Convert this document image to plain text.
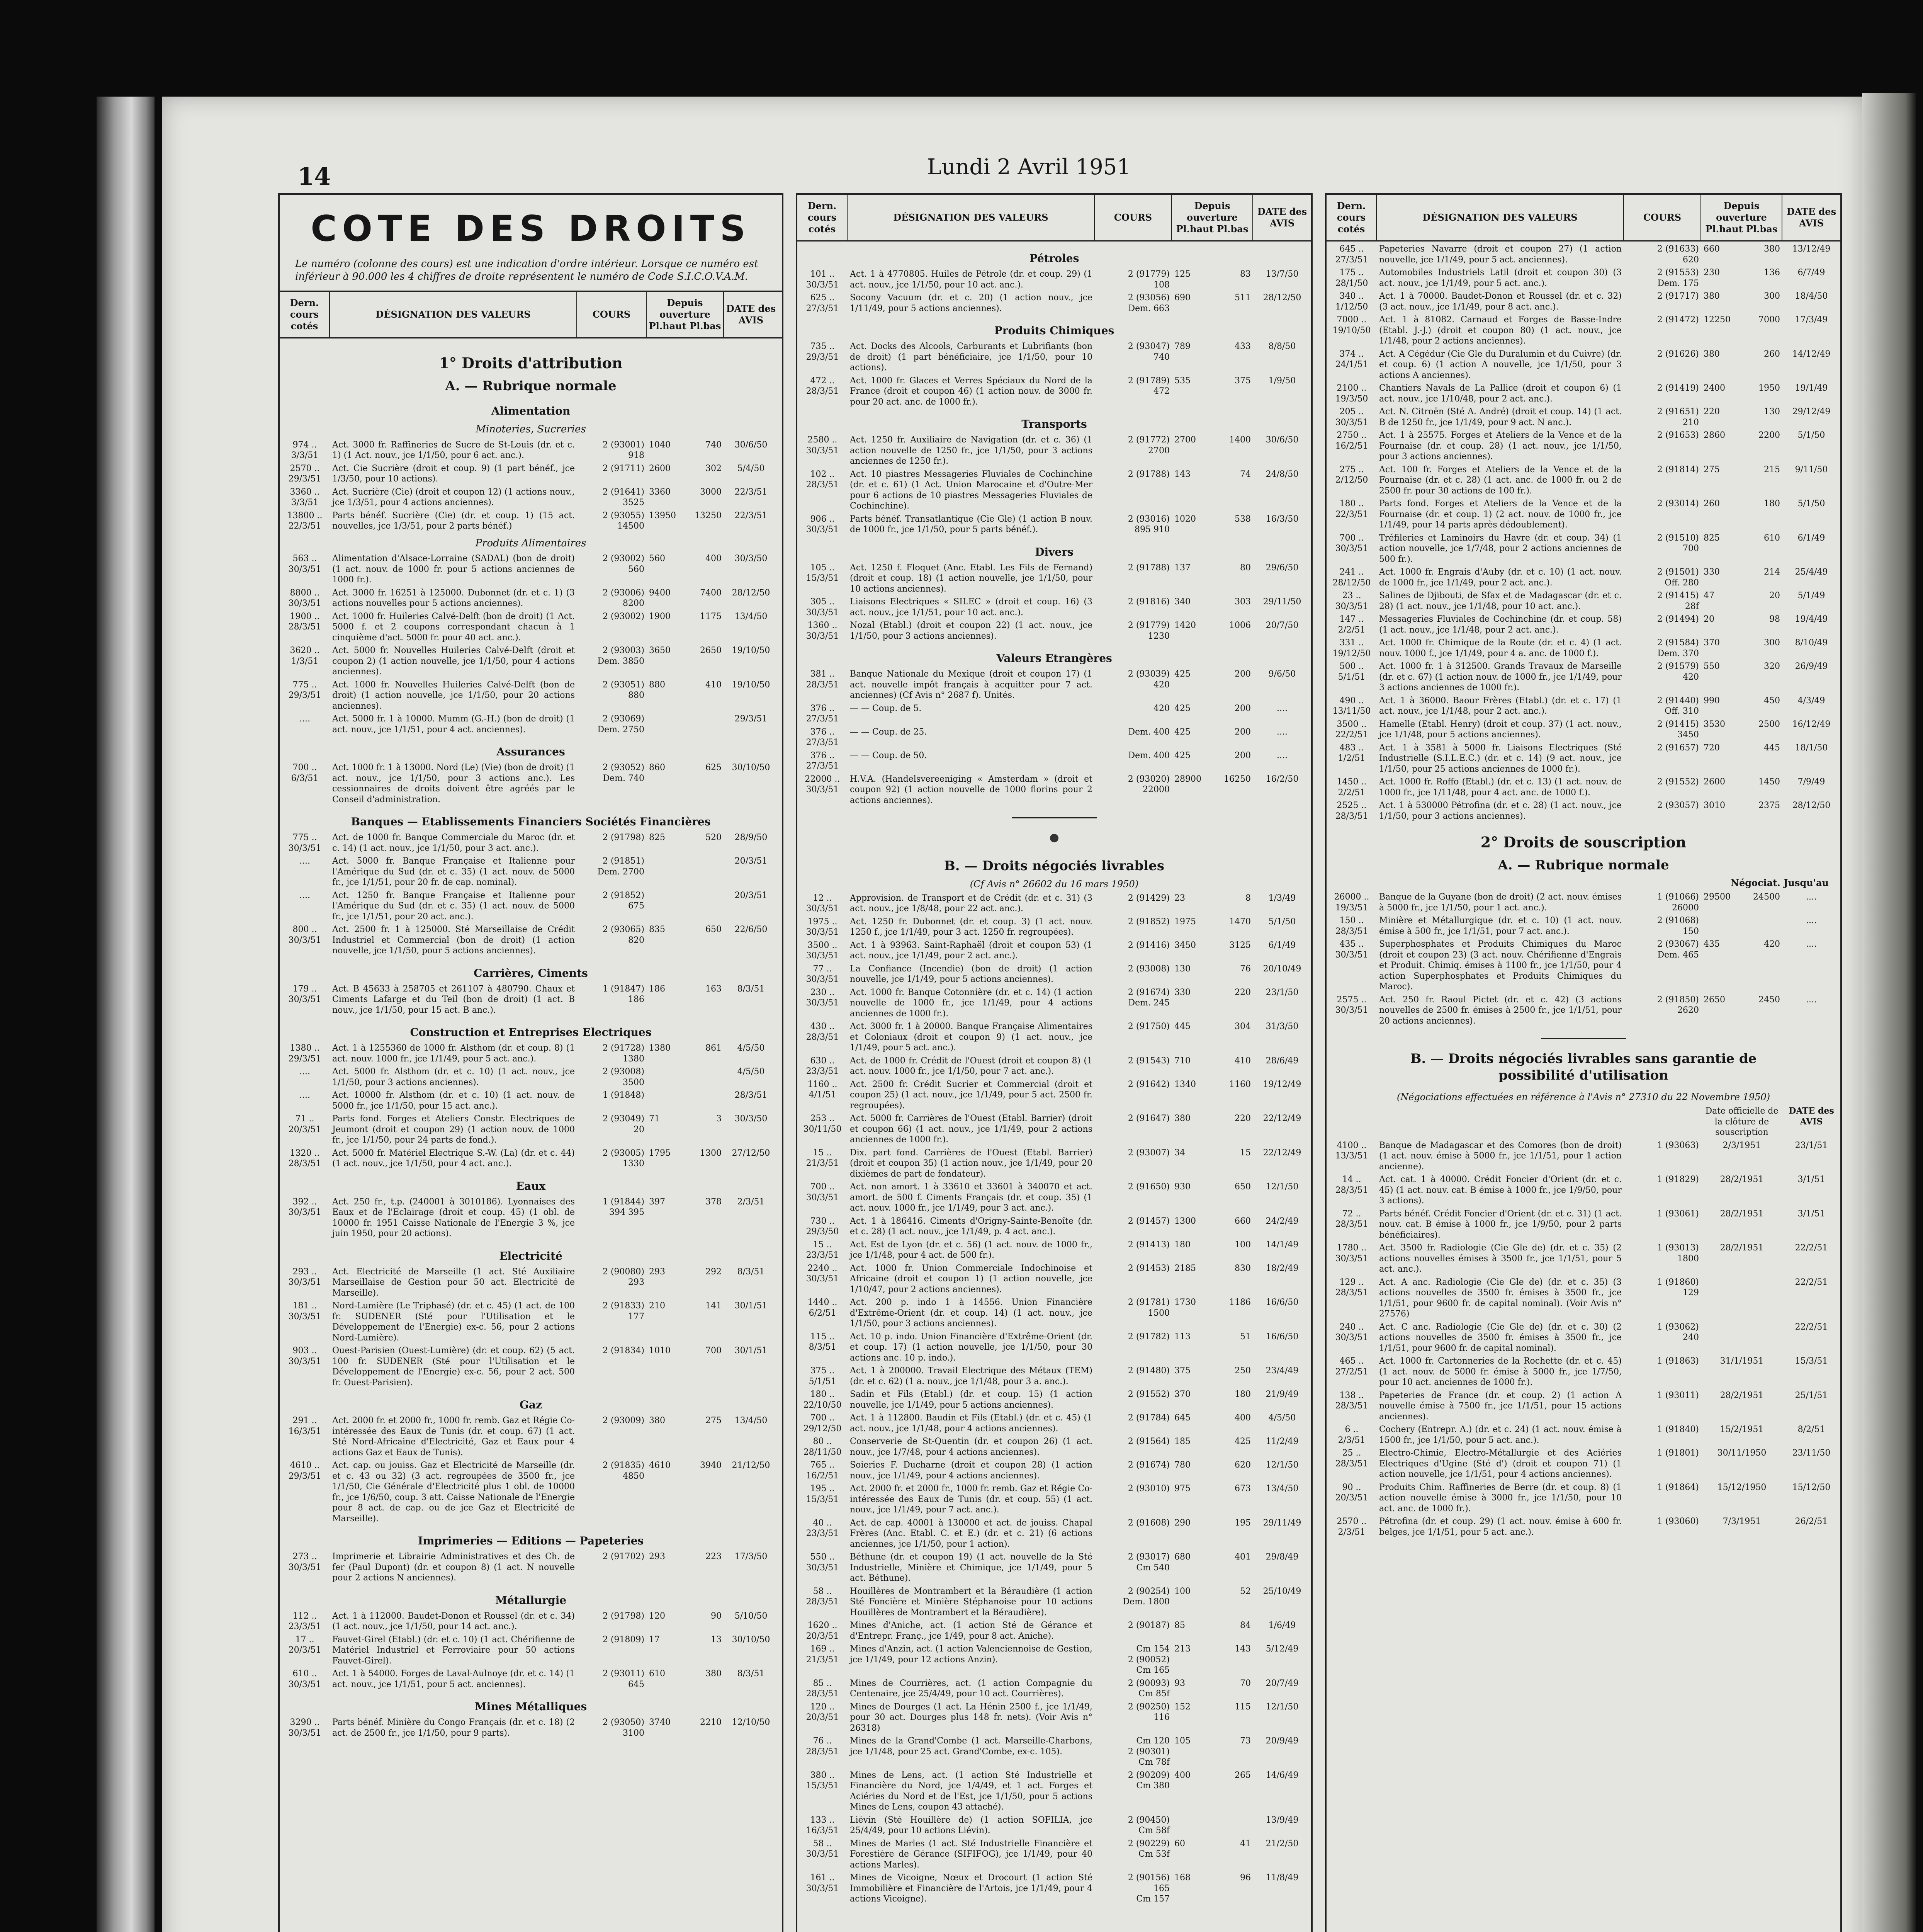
14	Lundi 2 Avril 1951
COTE DES DROITS
Le numéro (colonne des cours) est une indication d'ordre intérieur. Lorsque ce numéro est inférieur à 90.000 les 4 chiffres de droite représentent le numéro de Code S.I.C.O.V.A.M.
Dern. cours cotés
DÉSIGNATION DES VALEURS	COURS
Depuis ouverture Pl.haut Pl.bas
DATE des AVIS
1° Droits d'attribution
A. — Rubrique normale
Alimentation
Minoteries, Sucreries
974 ..
3/3/51
Act. 3000 fr. Raffineries de Sucre de St-Louis (dr. et c. 1) (1 Act. nouv., jce 1/1/50, pour 6 act. anc.).
2 (93001)
918
1040	740	30/6/50
2570 ..
29/3/51
Act. Cie Sucrière (droit et coup. 9) (1 part bénéf., jce 1/3/50, pour 10 actions).
2 (91711) 2600	302	5/4/50
3360 ..
3/3/51
Act. Sucrière (Cie) (droit et coupon 12) (1 actions nouv., jce 1/3/51, pour 4 actions anciennes).
2 (91641)
3525
3360	3000	22/3/51
13800 ..
22/3/51
Parts bénéf. Sucrière (Cie) (dr. et coup. 1) (15 act. nouvelles, jce 1/3/51, pour 2 parts bénéf.)
2 (93055)
14500
13950 13250	22/3/51
Produits Alimentaires
563 ..
30/3/51
Alimentation d'Alsace-Lorraine (SADAL) (bon de droit) (1 act. nouv. de 1000 fr. pour 5 actions anciennes de 1000 fr.).
2 (93002)
560
560	400	30/3/50
8800 ..
30/3/51
Act. 3000 fr. 16251 à 125000. Dubonnet (dr. et c. 1) (3 actions nouvelles pour 5 actions anciennes).
2 (93006)
8200
9400	7400	28/12/50
1900 ..
28/3/51
Act. 1000 fr. Huileries Calvé-Delft (bon de droit) (1 Act. 5000 f. et 2 coupons correspondant chacun à 1 cinquième d'act. 5000 fr. pour 40 act. anc.).
2 (93002) 1900	1175	13/4/50
3620 ..
1/3/51
Act. 5000 fr. Nouvelles Huileries Calvé-Delft (droit et coupon 2) (1 action nouvelle, jce 1/1/50, pour 4 actions anciennes).
2 (93003)
Dem. 3850
3650	2650	19/10/50
775 ..
29/3/51
Act. 1000 fr. Nouvelles Huileries Calvé-Delft (bon de droit) (1 action nouvelle, jce 1/1/50, pour 20 actions anciennes).
2 (93051)
880
880	410	19/10/50
....	Act. 5000 fr. 1 à 10000. Mumm (G.-H.) (bon de droit) (1 act. nouv., jce 1/1/51, pour 4 act. anciennes).
2 (93069)
Dem. 2750
29/3/51
Assurances
700 ..
6/3/51
Act. 1000 fr. 1 à 13000. Nord (Le) (Vie) (bon de droit) (1 act. nouv., jce 1/1/50, pour 3 actions anc.). Les cessionnaires de droits doivent être agréés par le Conseil d'administration.
2 (93052)
Dem. 740
860	625	30/10/50
Banques — Etablissements Financiers Sociétés Financières
775 ..
30/3/51
Act. de 1000 fr. Banque Commerciale du Maroc (dr. et c. 14) (1 act. nouv., jce 1/1/50, pour 3 act. anc.).
2 (91798) 825	520	28/9/50
....	Act. 5000 fr. Banque Française et Italienne pour l'Amérique du Sud (dr. et c. 35) (1 act. nouv. de 5000 fr., jce 1/1/51, pour 20 fr. de cap. nominal).
2 (91851)
Dem. 2700
20/3/51
....	Act. 1250 fr. Banque Française et Italienne pour l'Amérique du Sud (dr. et c. 35) (1 act. nouv. de 5000 fr., jce 1/1/51, pour 20 act. anc.).
2 (91852)
675
20/3/51
800 ..
30/3/51
Act. 2500 fr. 1 à 125000. Sté Marseillaise de Crédit Industriel et Commercial (bon de droit) (1 action nouvelle, jce 1/1/50, pour 5 actions anciennes).
2 (93065)
820
835	650	22/6/50
Carrières, Ciments
179 ..
30/3/51
Act. B 45633 à 258705 et 261107 à 480790. Chaux et Ciments Lafarge et du Teil (bon de droit) (1 act. B nouv., jce 1/1/50, pour 15 act. B anc.).
1 (91847)
186
186	163	8/3/51
Construction et Entreprises Electriques
1380 ..
29/3/51
Act. 1 à 1255360 de 1000 fr. Alsthom (dr. et coup. 8) (1 act. nouv. 1000 fr., jce 1/1/49, pour 5 act. anc.).
2 (91728)
1380
1380	861	4/5/50
....	Act. 5000 fr. Alsthom (dr. et c. 10) (1 act. nouv., jce 1/1/50, pour 3 actions anciennes).
2 (93008)
3500
4/5/50
....	Act. 10000 fr. Alsthom (dr. et c. 10) (1 act. nouv. de 5000 fr., jce 1/1/50, pour 15 act. anc.).
1 (91848)	28/3/51
71 ..
20/3/51
Parts fond. Forges et Ateliers Constr. Electriques de Jeumont (droit et coupon 29) (1 action nouv. de 1000 fr., jce 1/1/50, pour 24 parts de fond.).
2 (93049)
20
71	3	30/3/50
1320 ..
28/3/51
Act. 5000 fr. Matériel Electrique S.-W. (La) (dr. et c. 44) (1 act. nouv., jce 1/1/50, pour 4 act. anc.).
2 (93005)
1330
1795	1300	27/12/50
Eaux
392 ..
30/3/51
Act. 250 fr., t.p. (240001 à 3010186). Lyonnaises des Eaux et de l'Eclairage (droit et coup. 45) (1 obl. de 10000 fr. 1951 Caisse Nationale de l'Energie 3 %, jce juin 1950, pour 20 actions).
1 (91844)
394 395
397	378	2/3/51
Electricité
293 ..
30/3/51
Act. Electricité de Marseille (1 act. Sté Auxiliaire Marseillaise de Gestion pour 50 act. Electricité de Marseille).
2 (90080)
293
293	292	8/3/51
181 ..
30/3/51
Nord-Lumière (Le Triphasé) (dr. et c. 45) (1 act. de 100 fr. SUDENER (Sté pour l'Utilisation et le Développement de l'Energie) ex-c. 56, pour 2 actions Nord-Lumière).
2 (91833)
177
210	141	30/1/51
903 ..
30/3/51
Ouest-Parisien (Ouest-Lumière) (dr. et coup. 62) (5 act. 100 fr. SUDENER (Sté pour l'Utilisation et le Développement de l'Energie) ex-c. 56, pour 2 act. 500 fr. Ouest-Parisien).
2 (91834) 1010	700	30/1/51
Gaz
291 ..
16/3/51
Act. 2000 fr. et 2000 fr., 1000 fr. remb. Gaz et Régie Co-intéressée des Eaux de Tunis (dr. et coup. 67) (1 act. Sté Nord-Africaine d'Electricité, Gaz et Eaux pour 4 actions Gaz et Eaux de Tunis).
2 (93009) 380	275	13/4/50
4610 ..
29/3/51
Act. cap. ou jouiss. Gaz et Electricité de Marseille (dr. et c. 43 ou 32) (3 act. regroupées de 3500 fr., jce 1/1/50, Cie Générale d'Electricité plus 1 obl. de 10000 fr., jce 1/6/50, coup. 3 att. Caisse Nationale de l'Energie pour 8 act. de cap. ou de jce Gaz et Electricité de Marseille).
2 (91835)
4850
4610	3940	21/12/50
Imprimeries — Editions — Papeteries
273 ..
30/3/51
Imprimerie et Librairie Administratives et des Ch. de fer (Paul Dupont) (dr. et coupon 8) (1 act. N nouvelle pour 2 actions N anciennes).
2 (91702) 293	223	17/3/50
Métallurgie
112 ..
23/3/51
Act. 1 à 112000. Baudet-Donon et Roussel (dr. et c. 34) (1 act. nouv., jce 1/1/50, pour 14 act. anc.).
2 (91798) 120	90	5/10/50
17 ..
20/3/51
Fauvet-Girel (Etabl.) (dr. et c. 10) (1 act. Chérifienne de Matériel Industriel et Ferroviaire pour 50 actions Fauvet-Girel).
2 (91809) 17	13	30/10/50
610 ..
30/3/51
Act. 1 à 54000. Forges de Laval-Aulnoye (dr. et c. 14) (1 act. nouv., jce 1/1/51, pour 5 act. anciennes).
2 (93011)
645
610	380	8/3/51
Mines Métalliques
3290 ..
30/3/51
Parts bénéf. Minière du Congo Français (dr. et c. 18) (2 act. de 2500 fr., jce 1/1/50, pour 9 parts).
2 (93050)
3100
3740	2210	12/10/50
Dern. cours cotés
DÉSIGNATION DES VALEURS	COURS
Depuis ouverture Pl.haut Pl.bas
DATE des AVIS
Pétroles
101 ..
30/3/51
Act. 1 à 4770805. Huiles de Pétrole (dr. et coup. 29) (1 act. nouv., jce 1/1/50, pour 10 act. anc.).
2 (91779)
108
125	83	13/7/50
625 ..
27/3/51
Socony Vacuum (dr. et c. 20) (1 action nouv., jce 1/11/49, pour 5 actions anciennes).
2 (93056)
Dem. 663
690	511	28/12/50
Produits Chimiques
735 ..
29/3/51
Act. Docks des Alcools, Carburants et Lubrifiants (bon de droit) (1 part bénéficiaire, jce 1/1/50, pour 10 actions).
2 (93047)
740
789	433	8/8/50
472 ..
28/3/51
Act. 1000 fr. Glaces et Verres Spéciaux du Nord de la France (droit et coupon 46) (1 action nouv. de 3000 fr. pour 20 act. anc. de 1000 fr.).
2 (91789)
472
535	375	1/9/50
Transports
2580 ..
30/3/51
Act. 1250 fr. Auxiliaire de Navigation (dr. et c. 36) (1 action nouvelle de 1250 fr., jce 1/1/50, pour 3 actions anciennes de 1250 fr.).
2 (91772)
2700
2700	1400	30/6/50
102 ..
28/3/51
Act. 10 piastres Messageries Fluviales de Cochinchine (dr. et c. 61) (1 Act. Union Marocaine et d'Outre-Mer pour 6 actions de 10 piastres Messageries Fluviales de Cochinchine).
2 (91788) 143	74	24/8/50
906 ..
30/3/51
Parts bénéf. Transatlantique (Cie Gle) (1 action B nouv. de 1000 fr., jce 1/1/50, pour 5 parts bénéf.).
2 (93016)
895 910
1020	538	16/3/50
Divers
105 ..
15/3/51
Act. 1250 f. Floquet (Anc. Etabl. Les Fils de Fernand) (droit et coup. 18) (1 action nouvelle, jce 1/1/50, pour 10 actions anciennes).
2 (91788) 137	80	29/6/50
305 ..
30/3/51
Liaisons Electriques « SILEC » (droit et coup. 16) (3 act. nouv., jce 1/1/51, pour 10 act. anc.).
2 (91816) 340	303	29/11/50
1360 ..
30/3/51
Nozal (Etabl.) (droit et coupon 22) (1 act. nouv., jce 1/1/50, pour 3 actions anciennes).
2 (91779)
1230
1420	1006	20/7/50
Valeurs Etrangères
381 ..
28/3/51
Banque Nationale du Mexique (droit et coupon 17) (1 act. nouvelle impôt français à acquitter pour 7 act. anciennes) (Cf Avis n° 2687 f). Unités.
2 (93039)
420
425	200	9/6/50
376 ..
27/3/51
— — Coup. de 5.	420 425	200	....
376 ..
27/3/51
— — Coup. de 25.	Dem. 400 425	200	....
376 ..
27/3/51
— — Coup. de 50.	Dem. 400 425	200	....
22000 ..
30/3/51
H.V.A. (Handelsvereeniging « Amsterdam » (droit et coupon 92) (1 action nouvelle de 1000 florins pour 2 actions anciennes).
2 (93020)
22000
28900	16250	16/2/50
B. — Droits négociés livrables
(Cf Avis n° 26602 du 16 mars 1950)
12 ..
30/3/51
Approvision. de Transport et de Crédit (dr. et c. 31) (3 act. nouv., jce 1/8/48, pour 22 act. anc.).
2 (91429) 23	8	1/3/49
1975 ..
30/3/51
Act. 1250 fr. Dubonnet (dr. et coup. 3) (1 act. nouv. 1250 f., jce 1/1/49, pour 3 act. 1250 fr. regroupées).
2 (91852) 1975	1470	5/1/50
3500 ..
30/3/51
Act. 1 à 93963. Saint-Raphaël (droit et coupon 53) (1 act. nouv., jce 1/1/49, pour 2 act. anc.).
2 (91416) 3450	3125	6/1/49
77 ..
30/3/51
La Confiance (Incendie) (bon de droit) (1 action nouvelle, jce 1/1/49, pour 5 actions anciennes).
2 (93008) 130	76	20/10/49
230 ..
30/3/51
Act. 1000 fr. Banque Cotonnière (dr. et c. 14) (1 action nouvelle de 1000 fr., jce 1/1/49, pour 4 actions anciennes de 1000 fr.).
2 (91674)
Dem. 245
330	220	23/1/50
430 ..
28/3/51
Act. 3000 fr. 1 à 20000. Banque Française Alimentaires et Coloniaux (droit et coupon 9) (1 act. nouv., jce 1/1/49, pour 5 act. anc.).
2 (91750) 445	304	31/3/50
630 ..
23/3/51
Act. de 1000 fr. Crédit de l'Ouest (droit et coupon 8) (1 act. nouv. 1000 fr., jce 1/1/50, pour 7 act. anc.).
2 (91543) 710	410	28/6/49
1160 ..
4/1/51
Act. 2500 fr. Crédit Sucrier et Commercial (droit et coupon 25) (1 act. nouv., jce 1/1/49, pour 5 act. 2500 fr. regroupées).
2 (91642) 1340	1160	19/12/49
253 ..
30/11/50
Act. 5000 fr. Carrières de l'Ouest (Etabl. Barrier) (droit et coupon 66) (1 act. nouv., jce 1/1/49, pour 2 actions anciennes de 1000 fr.).
2 (91647) 380	220	22/12/49
15 ..
21/3/51
Dix. part fond. Carrières de l'Ouest (Etabl. Barrier) (droit et coupon 35) (1 action nouv., jce 1/1/49, pour 20 dixièmes de part de fondateur).
2 (93007) 34	15	22/12/49
700 ..
30/3/51
Act. non amort. 1 à 33610 et 33601 à 340070 et act. amort. de 500 f. Ciments Français (dr. et coup. 35) (1 act. nouv. 1000 fr., jce 1/1/49, pour 3 act. anc.).
2 (91650) 930	650	12/1/50
730 ..
29/3/50
Act. 1 à 186416. Ciments d'Origny-Sainte-Benoîte (dr. et c. 28) (1 act. nouv., jce 1/1/49, p. 4 act. anc.).
2 (91457) 1300	660	24/2/49
15 ..
23/3/51
Act. Est de Lyon (dr. et c. 56) (1 act. nouv. de 1000 fr., jce 1/1/48, pour 4 act. de 500 fr.).
2 (91413) 180	100	14/1/49
2240 ..
30/3/51
Act. 1000 fr. Union Commerciale Indochinoise et Africaine (droit et coupon 1) (1 action nouvelle, jce 1/10/47, pour 2 actions anciennes).
2 (91453) 2185	830	18/2/49
1440 ..
6/2/51
Act. 200 p. indo 1 à 14556. Union Financière d'Extrême-Orient (dr. et coup. 14) (1 act. nouv., jce 1/1/50, pour 3 actions anciennes).
2 (91781)
1500
1730	1186	16/6/50
115 ..
8/3/51
Act. 10 p. indo. Union Financière d'Extrême-Orient (dr. et coup. 17) (1 action nouvelle, jce 1/1/50, pour 30 actions anc. 10 p. indo.).
2 (91782) 113	51	16/6/50
375 ..
5/1/51
Act. 1 à 200000. Travail Electrique des Métaux (TEM) (dr. et c. 62) (1 a. nouv., jce 1/1/48, pour 3 a. anc.).
2 (91480) 375	250	23/4/49
180 ..
22/10/50
Sadin et Fils (Etabl.) (dr. et coup. 15) (1 action nouvelle, jce 1/1/49, pour 5 actions anciennes).
2 (91552) 370	180	21/9/49
700 ..
29/12/50
Act. 1 à 112800. Baudin et Fils (Etabl.) (dr. et c. 45) (1 act. nouv., jce 1/1/48, pour 4 actions anciennes).
2 (91784) 645	400	4/5/50
80 ..
28/11/50
Conserverie de St-Quentin (dr. et coupon 26) (1 act. nouv., jce 1/7/48, pour 4 actions anciennes).
2 (91564) 185	425	11/2/49
765 ..
16/2/51
Soieries F. Ducharne (droit et coupon 28) (1 action nouv., jce 1/1/49, pour 4 actions anciennes).
2 (91674) 780	620	12/1/50
195 ..
15/3/51
Act. 2000 fr. et 2000 fr., 1000 fr. remb. Gaz et Régie Co-intéressée des Eaux de Tunis (dr. et coup. 55) (1 act. nouv., jce 1/1/49, pour 7 act. anc.).
2 (93010) 975	673	13/4/50
40 ..
23/3/51
Act. de cap. 40001 à 130000 et act. de jouiss. Chapal Frères (Anc. Etabl. C. et E.) (dr. et c. 21) (6 actions anciennes, jce 1/1/50, pour 1 action).
2 (91608) 290	195	29/11/49
550 ..
30/3/51
Béthune (dr. et coupon 19) (1 act. nouvelle de la Sté Industrielle, Minière et Chimique, jce 1/1/49, pour 5 act. Béthune).
2 (93017)
Cm 540
680	401	29/8/49
58 ..
28/3/51
Houillères de Montrambert et la Béraudière (1 action Sté Foncière et Minière Stéphanoise pour 10 actions Houillères de Montrambert et la Béraudière).
2 (90254)
Dem. 1800
100	52	25/10/49
1620 ..
20/3/51
Mines d'Aniche, act. (1 action Sté de Gérance et d'Entrepr. Franç., jce 1/49, pour 8 act. Aniche).
2 (90187) 85	84	1/6/49
169 ..
21/3/51
Mines d'Anzin, act. (1 action Valenciennoise de Gestion, jce 1/1/49, pour 12 actions Anzin).
Cm 154
2 (90052)
Cm 165
213	143	5/12/49
85 ..
28/3/51
Mines de Courrières, act. (1 action Compagnie du Centenaire, jce 25/4/49, pour 10 act. Courrières).
2 (90093)
Cm 85f
93	70	20/7/49
120 ..
20/3/51
Mines de Dourges (1 act. La Hénin 2500 f., jce 1/1/49, pour 30 act. Dourges plus 148 fr. nets). (Voir Avis n° 26318)
2 (90250)
116
152	115	12/1/50
76 ..
28/3/51
Mines de la Grand'Combe (1 act. Marseille-Charbons, jce 1/1/48, pour 25 act. Grand'Combe, ex-c. 105).
Cm 120
2 (90301)
Cm 78f
105	73	20/9/49
380 ..
15/3/51
Mines de Lens, act. (1 action Sté Industrielle et Financière du Nord, jce 1/4/49, et 1 act. Forges et Aciéries du Nord et de l'Est, jce 1/1/50, pour 5 actions Mines de Lens, coupon 43 attaché).
2 (90209)
Cm 380
400	265	14/6/49
133 ..
16/3/51
Liévin (Sté Houillère de) (1 action SOFILIA, jce 25/4/49, pour 10 actions Liévin).
2 (90450)
Cm 58f
13/9/49
58 ..
30/3/51
Mines de Marles (1 act. Sté Industrielle Financière et Forestière de Gérance (SIFIFOG), jce 1/1/49, pour 40 actions Marles).
2 (90229)
Cm 53f
60	41	21/2/50
161 ..
30/3/51
Mines de Vicoigne, Nœux et Drocourt (1 action Sté Immobilière et Financière de l'Artois, jce 1/1/49, pour 4 actions Vicoigne).
2 (90156)
165
Cm 157
168	96	11/8/49
Dern. cours cotés
DÉSIGNATION DES VALEURS	COURS
Depuis ouverture Pl.haut Pl.bas
DATE des AVIS
645 ..
27/3/51
Papeteries Navarre (droit et coupon 27) (1 action nouvelle, jce 1/1/49, pour 5 act. anciennes).
2 (91633)
620
660	380	13/12/49
175 ..
28/1/50
Automobiles Industriels Latil (droit et coupon 30) (3 act. nouv., jce 1/1/49, pour 5 act. anc.).
2 (91553)
Dem. 175
230	136	6/7/49
340 ..
1/12/50
Act. 1 à 70000. Baudet-Donon et Roussel (dr. et c. 32) (3 act. nouv., jce 1/1/49, pour 8 act. anc.).
2 (91717) 380	300	18/4/50
7000 ..
19/10/50
Act. 1 à 81082. Carnaud et Forges de Basse-Indre (Etabl. J.-J.) (droit et coupon 80) (1 act. nouv., jce 1/1/48, pour 2 actions anciennes).
2 (91472) 12250	7000	17/3/49
374 ..
24/1/51
Act. A Cégédur (Cie Gle du Duralumin et du Cuivre) (dr. et coup. 6) (1 action A nouvelle, jce 1/1/50, pour 3 actions A anciennes).
2 (91626) 380	260	14/12/49
2100 ..
19/3/50
Chantiers Navals de La Pallice (droit et coupon 6) (1 act. nouv., jce 1/10/48, pour 2 act. anc.).
2 (91419) 2400	1950	19/1/49
205 ..
30/3/51
Act. N. Citroën (Sté A. André) (droit et coup. 14) (1 act. B de 1250 fr., jce 1/1/49, pour 9 act. N anc.).
2 (91651)
210
220	130	29/12/49
2750 ..
16/2/51
Act. 1 à 25575. Forges et Ateliers de la Vence et de la Fournaise (dr. et coup. 28) (1 act. nouv., jce 1/1/50, pour 3 actions anciennes).
2 (91653) 2860	2200	5/1/50
275 ..
2/12/50
Act. 100 fr. Forges et Ateliers de la Vence et de la Fournaise (dr. et c. 28) (1 act. anc. de 1000 fr. ou 2 de 2500 fr. pour 30 actions de 100 fr.).
2 (91814) 275	215	9/11/50
180 ..
22/3/51
Parts fond. Forges et Ateliers de la Vence et de la Fournaise (dr. et coup. 1) (2 act. nouv. de 1000 fr., jce 1/1/49, pour 14 parts après dédoublement).
2 (93014) 260	180	5/1/50
700 ..
30/3/51
Tréfileries et Laminoirs du Havre (dr. et coup. 34) (1 action nouvelle, jce 1/7/48, pour 2 actions anciennes de 500 fr.).
2 (91510)
700
825	610	6/1/49
241 ..
28/12/50
Act. 1000 fr. Engrais d'Auby (dr. et c. 10) (1 act. nouv. de 1000 fr., jce 1/1/49, pour 2 act. anc.).
2 (91501)
Off. 280
330	214	25/4/49
23 ..
30/3/51
Salines de Djibouti, de Sfax et de Madagascar (dr. et c. 28) (1 act. nouv., jce 1/1/48, pour 10 act. anc.).
2 (91415)
28f
47	20	5/1/49
147 ..
2/2/51
Messageries Fluviales de Cochinchine (dr. et coup. 58) (1 act. nouv., jce 1/1/48, pour 2 act. anc.).
2 (91494) 20	98	19/4/49
331 ..
19/12/50
Act. 1000 fr. Chimique de la Route (dr. et c. 4) (1 act. nouv. 1000 f., jce 1/1/49, pour 4 a. anc. de 1000 f.).
2 (91584)
Dem. 370
370	300	8/10/49
500 ..
5/1/51
Act. 1000 fr. 1 à 312500. Grands Travaux de Marseille (dr. et c. 67) (1 action nouv. de 1000 fr., jce 1/1/49, pour 3 actions anciennes de 1000 fr.).
2 (91579)
420
550	320	26/9/49
490 ..
13/11/50
Act. 1 à 36000. Baour Frères (Etabl.) (dr. et c. 17) (1 act. nouv., jce 1/1/48, pour 2 act. anc.).
2 (91440)
Off. 310
990	450	4/3/49
3500 ..
22/2/51
Hamelle (Etabl. Henry) (droit et coup. 37) (1 act. nouv., jce 1/1/48, pour 5 actions anciennes).
2 (91415)
3450
3530	2500	16/12/49
483 ..
1/2/51
Act. 1 à 3581 à 5000 fr. Liaisons Electriques (Sté Industrielle (S.I.L.E.C.) (dr. et c. 14) (9 act. nouv., jce 1/1/50, pour 25 actions anciennes de 1000 fr.).
2 (91657) 720	445	18/1/50
1450 ..
2/2/51
Act. 1000 fr. Roffo (Etabl.) (dr. et c. 13) (1 act. nouv. de 1000 fr., jce 1/11/48, pour 4 act. anc. de 1000 f.).
2 (91552) 2600	1450	7/9/49
2525 ..
28/3/51
Act. 1 à 530000 Pétrofina (dr. et c. 28) (1 act. nouv., jce 1/1/50, pour 3 actions anciennes).
2 (93057) 3010	2375	28/12/50
2° Droits de souscription
A. — Rubrique normale
Négociat. Jusqu'au
26000 ..
19/3/51
Banque de la Guyane (bon de droit) (2 act. nouv. émises à 5000 fr., jce 1/1/50, pour 1 act. anc.).
1 (91066)
26000
29500	24500	....
150 ..
28/3/51
Minière et Métallurgique (dr. et c. 10) (1 act. nouv. émise à 500 fr., jce 1/1/51, pour 7 act. anc.).
2 (91068)
150
....
435 ..
30/3/51
Superphosphates et Produits Chimiques du Maroc (droit et coupon 23) (3 act. nouv. Chérifienne d'Engrais et Produit. Chimiq. émises à 1100 fr., jce 1/1/50, pour 4 action Superphosphates et Produits Chimiques du Maroc).
2 (93067)
Dem. 465
435	420	....
2575 ..
30/3/51
Act. 250 fr. Raoul Pictet (dr. et c. 42) (3 actions nouvelles de 2500 fr. émises à 2500 fr., jce 1/1/51, pour 20 actions anciennes).
2 (91850)
2620
2650	2450	....
B. — Droits négociés livrables sans garantie de possibilité d'utilisation
(Négociations effectuées en référence à l'Avis n° 27310 du 22 Novembre 1950)
Date officielle de la clôture de souscription
DATE des AVIS
4100 ..
13/3/51
Banque de Madagascar et des Comores (bon de droit) (1 act. nouv. émise à 5000 fr., jce 1/1/51, pour 1 action ancienne).
1 (93063)	2/3/1951	23/1/51
14 ..
28/3/51
Act. cat. 1 à 40000. Crédit Foncier d'Orient (dr. et c. 45) (1 act. nouv. cat. B émise à 1000 fr., jce 1/9/50, pour 3 actions).
1 (91829)	28/2/1951	3/1/51
72 ..
28/3/51
Parts bénéf. Crédit Foncier d'Orient (dr. et c. 31) (1 act. nouv. cat. B émise à 1000 fr., jce 1/9/50, pour 2 parts bénéficiaires).
1 (93061)	28/2/1951	3/1/51
1780 ..
30/3/51
Act. 3500 fr. Radiologie (Cie Gle de) (dr. et c. 35) (2 actions nouvelles émises à 3500 fr., jce 1/1/51, pour 5 act. anc.).
1 (93013)
1800
28/2/1951	22/2/51
129 ..
28/3/51
Act. A anc. Radiologie (Cie Gle de) (dr. et c. 35) (3 actions nouvelles de 3500 fr. émises à 3500 fr., jce 1/1/51, pour 9600 fr. de capital nominal). (Voir Avis n° 27576)
1 (91860)
129
22/2/51
240 ..
30/3/51
Act. C anc. Radiologie (Cie Gle de) (dr. et c. 30) (2 actions nouvelles de 3500 fr. émises à 3500 fr., jce 1/1/51, pour 9600 fr. de capital nominal).
1 (93062)
240
22/2/51
465 ..
27/2/51
Act. 1000 fr. Cartonneries de la Rochette (dr. et c. 45) (1 act. nouv. de 5000 fr. émise à 5000 fr., jce 1/7/50, pour 10 act. anciennes de 1000 fr.).
1 (91863)	31/1/1951	15/3/51
138 ..
28/3/51
Papeteries de France (dr. et coup. 2) (1 action A nouvelle émise à 7500 fr., jce 1/1/51, pour 15 actions anciennes).
1 (93011)	28/2/1951	25/1/51
6 ..
2/3/51
Cochery (Entrepr. A.) (dr. et c. 24) (1 act. nouv. émise à 1500 fr., jce 1/1/50, pour 5 act. anc.).
1 (91840)	15/2/1951	8/2/51
25 ..
28/3/51
Electro-Chimie, Electro-Métallurgie et des Aciéries Electriques d'Ugine (Sté d') (droit et coupon 71) (1 action nouvelle, jce 1/1/51, pour 4 actions anciennes).
1 (91801)	30/11/1950	23/11/50
90 ..
20/3/51
Produits Chim. Raffineries de Berre (dr. et coup. 8) (1 action nouvelle émise à 3000 fr., jce 1/1/50, pour 10 act. anc. de 1000 fr.).
1 (91864)	15/12/1950	15/12/50
2570 ..
2/3/51
Pétrofina (dr. et coup. 29) (1 act. nouv. émise à 600 fr. belges, jce 1/1/51, pour 5 act. anc.).
1 (93060)	7/3/1951	26/2/51
